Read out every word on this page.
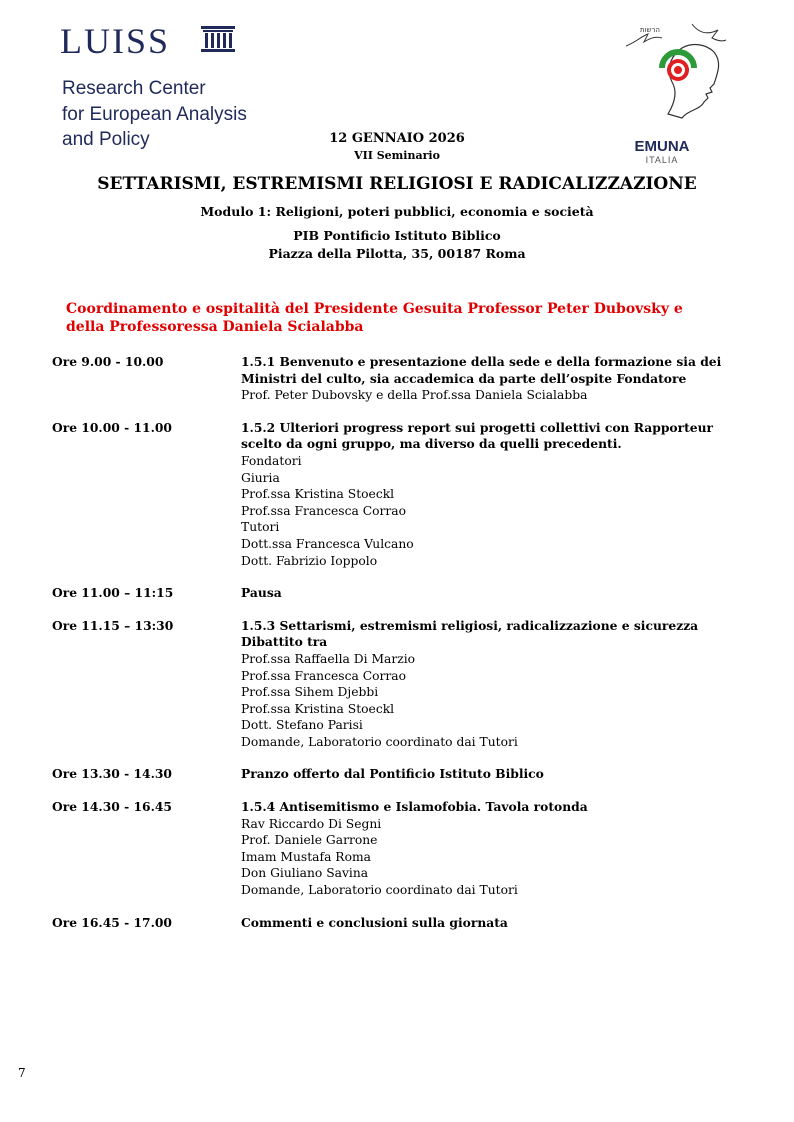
LUISS
Research Center
for European Analysis
and Policy
הרשות
EMUNA
ITALIA
12 GENNAIO 2026
VII Seminario
SETTARISMI, ESTREMISMI RELIGIOSI E RADICALIZZAZIONE
Modulo 1: Religioni, poteri pubblici, economia e società
PIB Pontificio Istituto Biblico
Piazza della Pilotta, 35, 00187 Roma
Coordinamento e ospitalità del Presidente Gesuita Professor Peter Dubovsky e della Professoressa Daniela Scialabba
Ore 9.00 - 10.00	1.5.1 Benvenuto e presentazione della sede e della formazione sia dei Ministri del culto, sia accademica da parte dell’ospite Fondatore
Prof. Peter Dubovsky e della Prof.ssa Daniela Scialabba
Ore 10.00 - 11.00	1.5.2 Ulteriori progress report sui progetti collettivi con Rapporteur scelto da ogni gruppo, ma diverso da quelli precedenti.
Fondatori
Giuria
Prof.ssa Kristina Stoeckl
Prof.ssa Francesca Corrao
Tutori
Dott.ssa Francesca Vulcano
Dott. Fabrizio Ioppolo
Ore 11.00 – 11:15	Pausa
Ore 11.15 – 13:30	1.5.3 Settarismi, estremismi religiosi, radicalizzazione e sicurezza Dibattito tra
Prof.ssa Raffaella Di Marzio
Prof.ssa Francesca Corrao
Prof.ssa Sihem Djebbi
Prof.ssa Kristina Stoeckl
Dott. Stefano Parisi
Domande, Laboratorio coordinato dai Tutori
Ore 13.30 - 14.30	Pranzo offerto dal Pontificio Istituto Biblico
Ore 14.30 - 16.45	1.5.4 Antisemitismo e Islamofobia. Tavola rotonda
Rav Riccardo Di Segni
Prof. Daniele Garrone
Imam Mustafa Roma
Don Giuliano Savina
Domande, Laboratorio coordinato dai Tutori
Ore 16.45 - 17.00	Commenti e conclusioni sulla giornata
7
